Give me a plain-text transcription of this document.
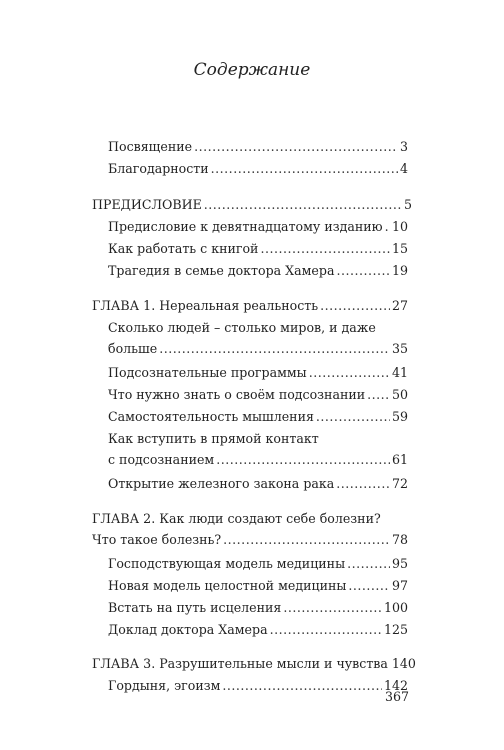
Содержание
Посвящение .....	3
Благодарности .....	4
ПРЕДИСЛОВИЕ .....	5
Предисловие к девятнадцатому изданию ..... 10
Как работать с книгой .....	15
Трагедия в семье доктора Хамера .....	19
ГЛАВА 1. Нереальная реальность .....	27
Сколько людей – столько миров, и даже
больше .....	35
Подсознательные программы .....	41
Что нужно знать о своём подсознании ..... 50
Самостоятельность мышления .....	59
Как вступить в прямой контакт
с подсознанием .....	61
Открытие железного закона рака .....	72
ГЛАВА 2. Как люди создают себе болезни?
Что такое болезнь? .....	78
Господствующая модель медицины .....	95
Новая модель целостной медицины .....	97
Встать на путь исцеления .....	100
Доклад доктора Хамера .....	125
ГЛАВА 3. Разрушительные мысли и чувства 140
Гордыня, эгоизм .....	142
367
